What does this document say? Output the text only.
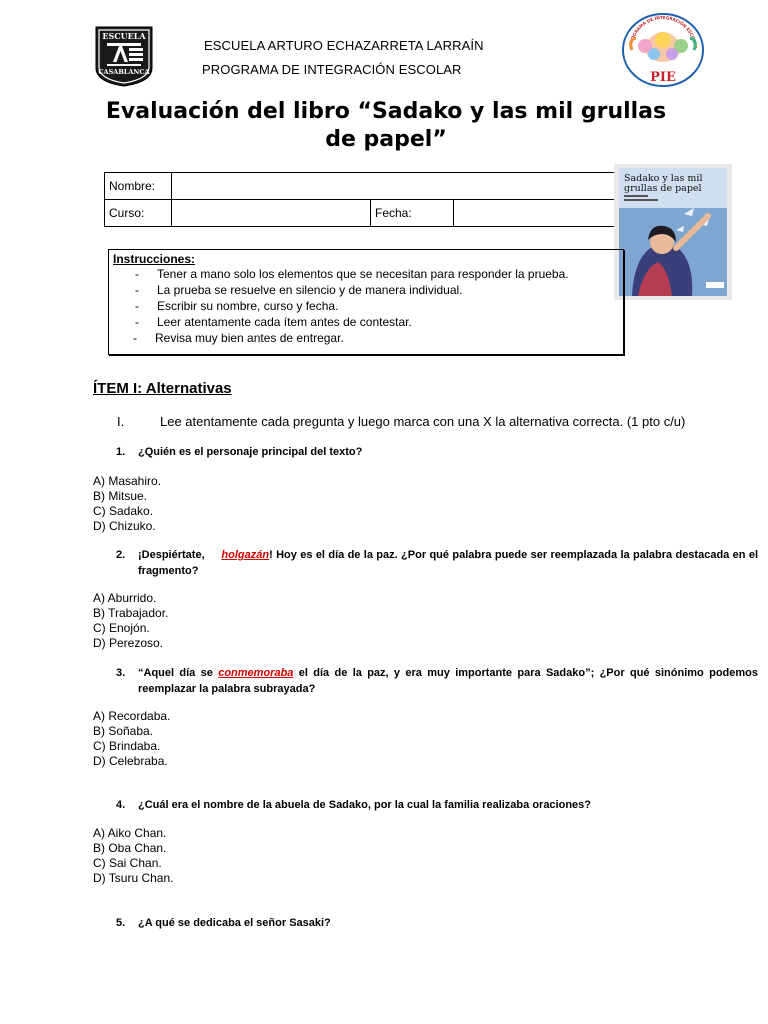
ESCUELA
CASABLANCA
ESCUELA ARTURO ECHAZARRETA LARRAÍN
PROGRAMA DE INTEGRACIÓN ESCOLAR
PROGRAMA DE INTEGRACIÓN ESCOLAR
PIE
Evaluación del libro “Sadako y las mil grullas de papel”
Nombre:			
Curso:		Fecha:	
Sadako y las mil
grullas de papel
Instrucciones:
- Tener a mano solo los elementos que se necesitan para responder la prueba.
- La prueba se resuelve en silencio y de manera individual.
- Escribir su nombre, curso y fecha.
- Leer atentamente cada ítem antes de contestar.
- Revisa muy bien antes de entregar.
ÍTEM I: Alternativas
I.	Lee atentamente cada pregunta y luego marca con una X la alternativa correcta. (1 pto c/u)
1. ¿Quién es el personaje principal del texto?
A) Masahiro.
B) Mitsue.
C) Sadako.
D) Chizuko.
2. ¡Despiértate, holgazán! Hoy es el día de la paz. ¿Por qué palabra puede ser reemplazada la palabra destacada en el fragmento?
A) Aburrido.
B) Trabajador.
C) Enojón.
D) Perezoso.
3. “Aquel día se conmemoraba el día de la paz, y era muy importante para Sadako”; ¿Por qué sinónimo podemos reemplazar la palabra subrayada?
A) Recordaba.
B) Soñaba.
C) Brindaba.
D) Celebraba.
4. ¿Cuál era el nombre de la abuela de Sadako, por la cual la familia realizaba oraciones?
A) Aiko Chan.
B) Oba Chan.
C) Sai Chan.
D) Tsuru Chan.
5. ¿A qué se dedicaba el señor Sasaki?
